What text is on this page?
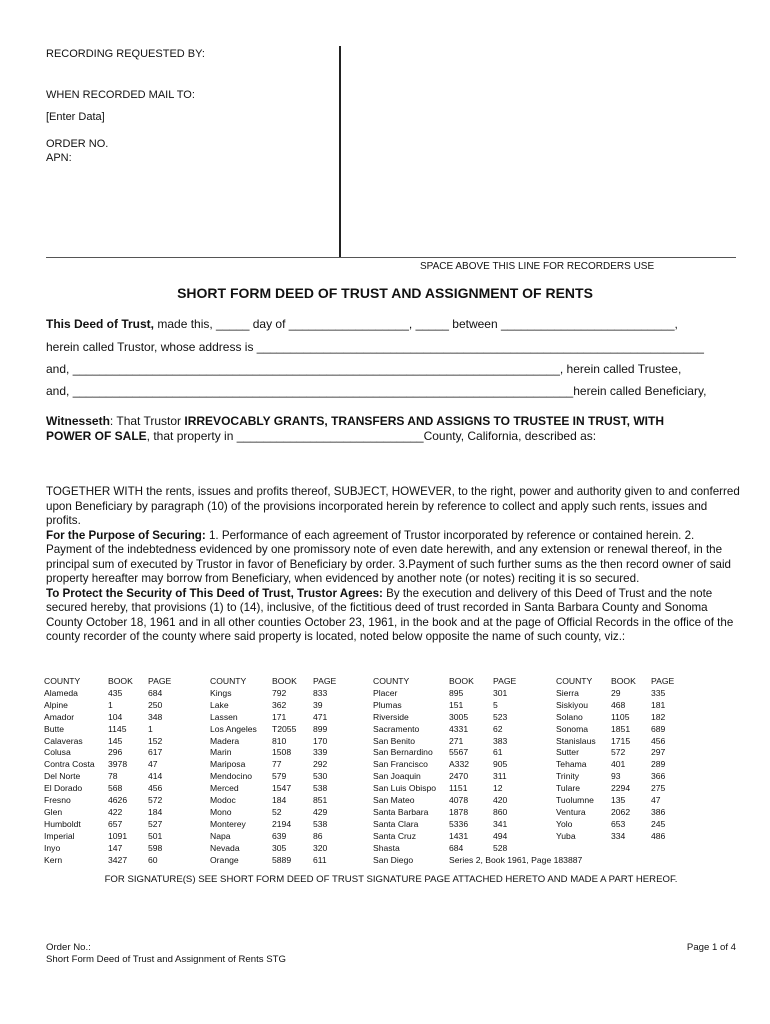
RECORDING REQUESTED BY:
WHEN RECORDED MAIL TO:
[Enter Data]
ORDER NO.
APN:
SPACE ABOVE THIS LINE FOR RECORDERS USE
SHORT FORM DEED OF TRUST AND ASSIGNMENT OF RENTS
This Deed of Trust, made this, _____ day of __________________, _____ between __________________________,
herein called Trustor, whose address is ___________________________________________________________________
and, _________________________________________________________________________, herein called Trustee,
and, ___________________________________________________________________________herein called Beneficiary,
Witnesseth: That Trustor IRREVOCABLY GRANTS, TRANSFERS AND ASSIGNS TO TRUSTEE IN TRUST, WITH POWER OF SALE, that property in ____________________________County, California, described as:

TOGETHER WITH the rents, issues and profits thereof, SUBJECT, HOWEVER, to the right, power and authority given to and conferred upon Beneficiary by paragraph (10) of the provisions incorporated herein by reference to collect and apply such rents, issues and profits.

For the Purpose of Securing: 1. Performance of each agreement of Trustor incorporated by reference or contained herein. 2. Payment of the indebtedness evidenced by one promissory note of even date herewith, and any extension or renewal thereof, in the principal sum of executed by Trustor in favor of Beneficiary by order. 3.Payment of such further sums as the then record owner of said property hereafter may borrow from Beneficiary, when evidenced by another note (or notes) reciting it is so secured.

To Protect the Security of This Deed of Trust, Trustor Agrees: By the execution and delivery of this Deed of Trust and the note secured hereby, that provisions (1) to (14), inclusive, of the fictitious deed of trust recorded in Santa Barbara County and Sonoma County October 18, 1961 and in all other counties October 23, 1961, in the book and at the page of Official Records in the office of the county recorder of the county where said property is located, noted below opposite the name of such county, viz.:

COUNTY	BOOK	PAGE	COUNTY	BOOK	PAGE	COUNTY	BOOK	PAGE	COUNTY	BOOK	PAGE
Alameda	435	684	Kings	792	833	Placer	895	301	Sierra	29	335
Alpine	1	250	Lake	362	39	Plumas	151	5	Siskiyou	468	181
Amador	104	348	Lassen	171	471	Riverside	3005	523	Solano	1105	182
Butte	1145	1	Los Angeles	T2055	899	Sacramento	4331	62	Sonoma	1851	689
Calaveras	145	152	Madera	810	170	San Benito	271	383	Stanislaus	1715	456
Colusa	296	617	Marin	1508	339	San Bernardino	5567	61	Sutter	572	297
Contra Costa	3978	47	Mariposa	77	292	San Francisco	A332	905	Tehama	401	289
Del Norte	78	414	Mendocino	579	530	San Joaquin	2470	311	Trinity	93	366
El Dorado	568	456	Merced	1547	538	San Luis Obispo	1151	12	Tulare	2294	275
Fresno	4626	572	Modoc	184	851	San Mateo	4078	420	Tuolumne	135	47
Glen	422	184	Mono	52	429	Santa Barbara	1878	860	Ventura	2062	386
Humboldt	657	527	Monterey	2194	538	Santa Clara	5336	341	Yolo	653	245
Imperial	1091	501	Napa	639	86	Santa Cruz	1431	494	Yuba	334	486
Inyo	147	598	Nevada	305	320	Shasta	684	528			
Kern	3427	60	Orange	5889	611	San Diego	Series 2, Book 1961, Page 183887				
FOR SIGNATURE(S) SEE SHORT FORM DEED OF TRUST SIGNATURE PAGE ATTACHED HERETO AND MADE A PART HEREOF.
Order No.:
Short Form Deed of Trust and Assignment of Rents STG
Page 1 of 4
